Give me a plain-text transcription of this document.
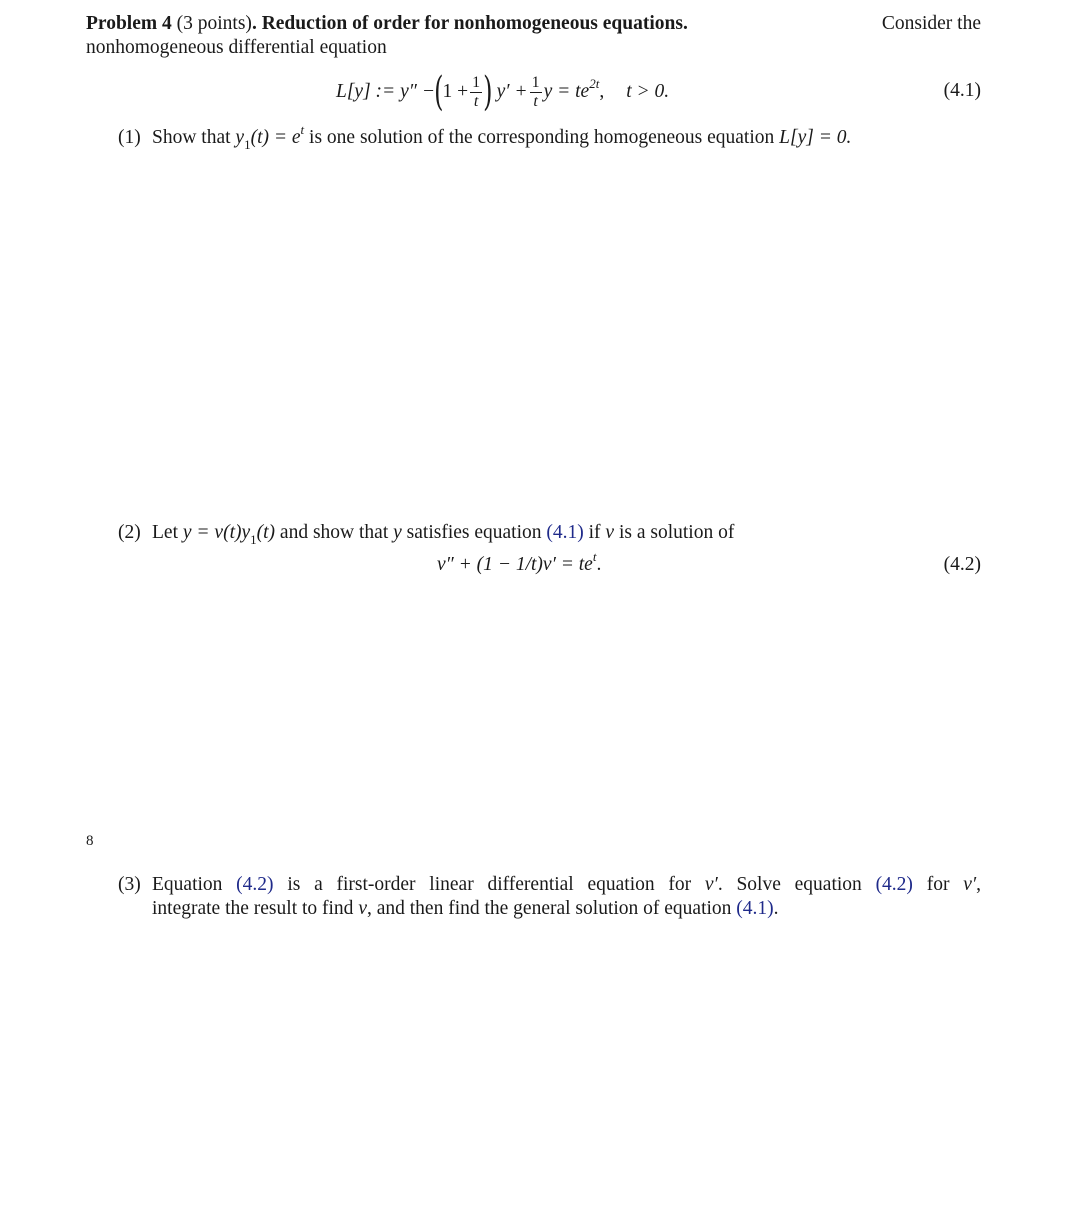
Problem 4 (3 points). Reduction of order for nonhomogeneous equations.	Consider the
nonhomogeneous differential equation
L[y] := y″ − ( $1 + \frac{1}{t}$ )
$y' + \frac{1}{t}$ y
= $te^{2t}$, t > 0.	(4.1)
(1) Show that $y_1(t) = e^t$ is one solution of the corresponding homogeneous equation L[y] = 0.
(2) Let $y = v(t)y_1(t)$ and show that y satisfies equation (4.1) if v is a solution of
$v'' + (1 - 1/t)v' = te^t$.	(4.2)
8
(3) Equation (4.2) is a first-order linear differential equation for v′. Solve equation (4.2) for v′,
integrate the result to find v, and then find the general solution of equation (4.1).
